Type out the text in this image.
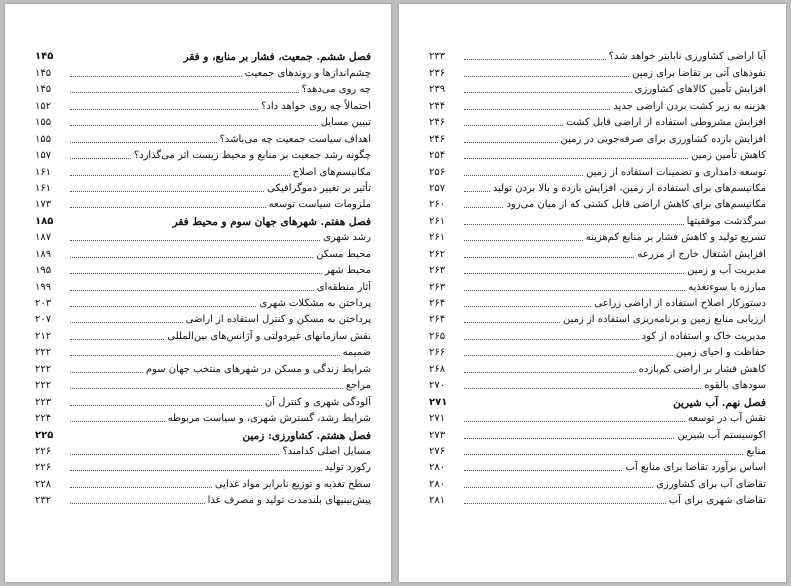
فصل ششم. جمعیت، فشار بر منابع، و فقر
۱۴۵
چشم‌اندازها و روندهای جمعیت
۱۴۵
چه روی می‌دهد؟
۱۴۵
احتمالاً چه روی خواهد داد؟
۱۵۲
تبیین مسایل
۱۵۵
اهداف سیاست جمعیت چه می‌باشد؟
۱۵۵
چگونه رشد جمعیت بر منابع و محیط زیست اثر می‌گذارد؟
۱۵۷
مکانیسم‌های اصلاح
۱۶۱
تأثیر بر تغییر دموگرافیکی
۱۶۱
ملزومات سیاست توسعه
۱۷۳
فصل هفتم. شهرهای جهان سوم و محیط فقر
۱۸۵
رشد شهری
۱۸۷
محیط مسکن
۱۸۹
محیط شهر
۱۹۵
آثار منطقه‌ای
۱۹۹
پرداختن به مشکلات شهری
۲۰۳
پرداختن به مسکن و کنترل استفاده از اراضی
۲۰۷
نقش سازمانهای غیردولتی و آژانس‌های بین‌المللی
۲۱۲
ضمیمه
۲۲۲
شرایط زندگی و مسکن در شهرهای منتخب جهان سوم
۲۲۲
مراجع
۲۲۲
آلودگی شهری و کنترل آن
۲۲۳
شرایط رشد، گسترش شهری، و سیاست مربوطه
۲۲۴
فصل هشتم. کشاورزی: زمین
۲۲۵
مسایل اصلی کدامند؟
۲۲۶
رکورد تولید
۲۲۶
سطح تغذیه و توزیع نابرابر مواد غذایی
۲۲۸
پیش‌بینیهای بلندمدت تولید و مصرف غذا
۲۳۲
آیا اراضی کشاورزی نابابتر خواهد شد؟
۲۳۳
نفوذهای آتی بر تقاضا برای زمین
۲۳۶
افزایش تأمین کالاهای کشاورزی
۲۳۹
هزینه به زیر کشت بردن اراضی جدید
۲۴۴
افزایش مشروطی استفاده از اراضی قابل کشت
۲۴۶
افزایش بازده کشاورزی برای صرفه‌جویی در زمین
۲۴۶
کاهش تأمین زمین
۲۵۴
توسعه دامداری و تضمینات استفاده از زمین
۲۵۶
مکانیسم‌های برای استفاده از زمین، افزایش بازده و بالا بردن تولید
۲۵۷
مکانیسم‌های برای کاهش اراضی قابل کشتی که از میان می‌رود
۲۶۰
سرگذشت موفقیتها
۲۶۱
تسریع تولید و کاهش فشار بر منابع کم‌هزینه
۲۶۱
افزایش اشتغال خارج از مزرعه
۲۶۲
مدیریت آب و زمین
۲۶۳
مبارزه با سوءتغذیه
۲۶۳
دستورکار اصلاح استفاده از اراضی زراعی
۲۶۴
ارزیابی منابع زمین و برنامه‌ریزی استفاده از زمین
۲۶۴
مدیریت خاک و استفاده از کود
۲۶۵
حفاظت و احیای زمین
۲۶۶
کاهش فشار بر اراضی کم‌بازده
۲۶۸
سودهای بالقوه
۲۷۰
فصل نهم. آب شیرین
۲۷۱
نقش آب در توسعه
۲۷۱
اکوسیستم آب شیرین
۲۷۳
منابع
۲۷۶
اساس برآورد تقاضا برای منابع آب
۲۸۰
تقاضای آب برای کشاورزی
۲۸۰
تقاضای شهری برای آب
۲۸۱
